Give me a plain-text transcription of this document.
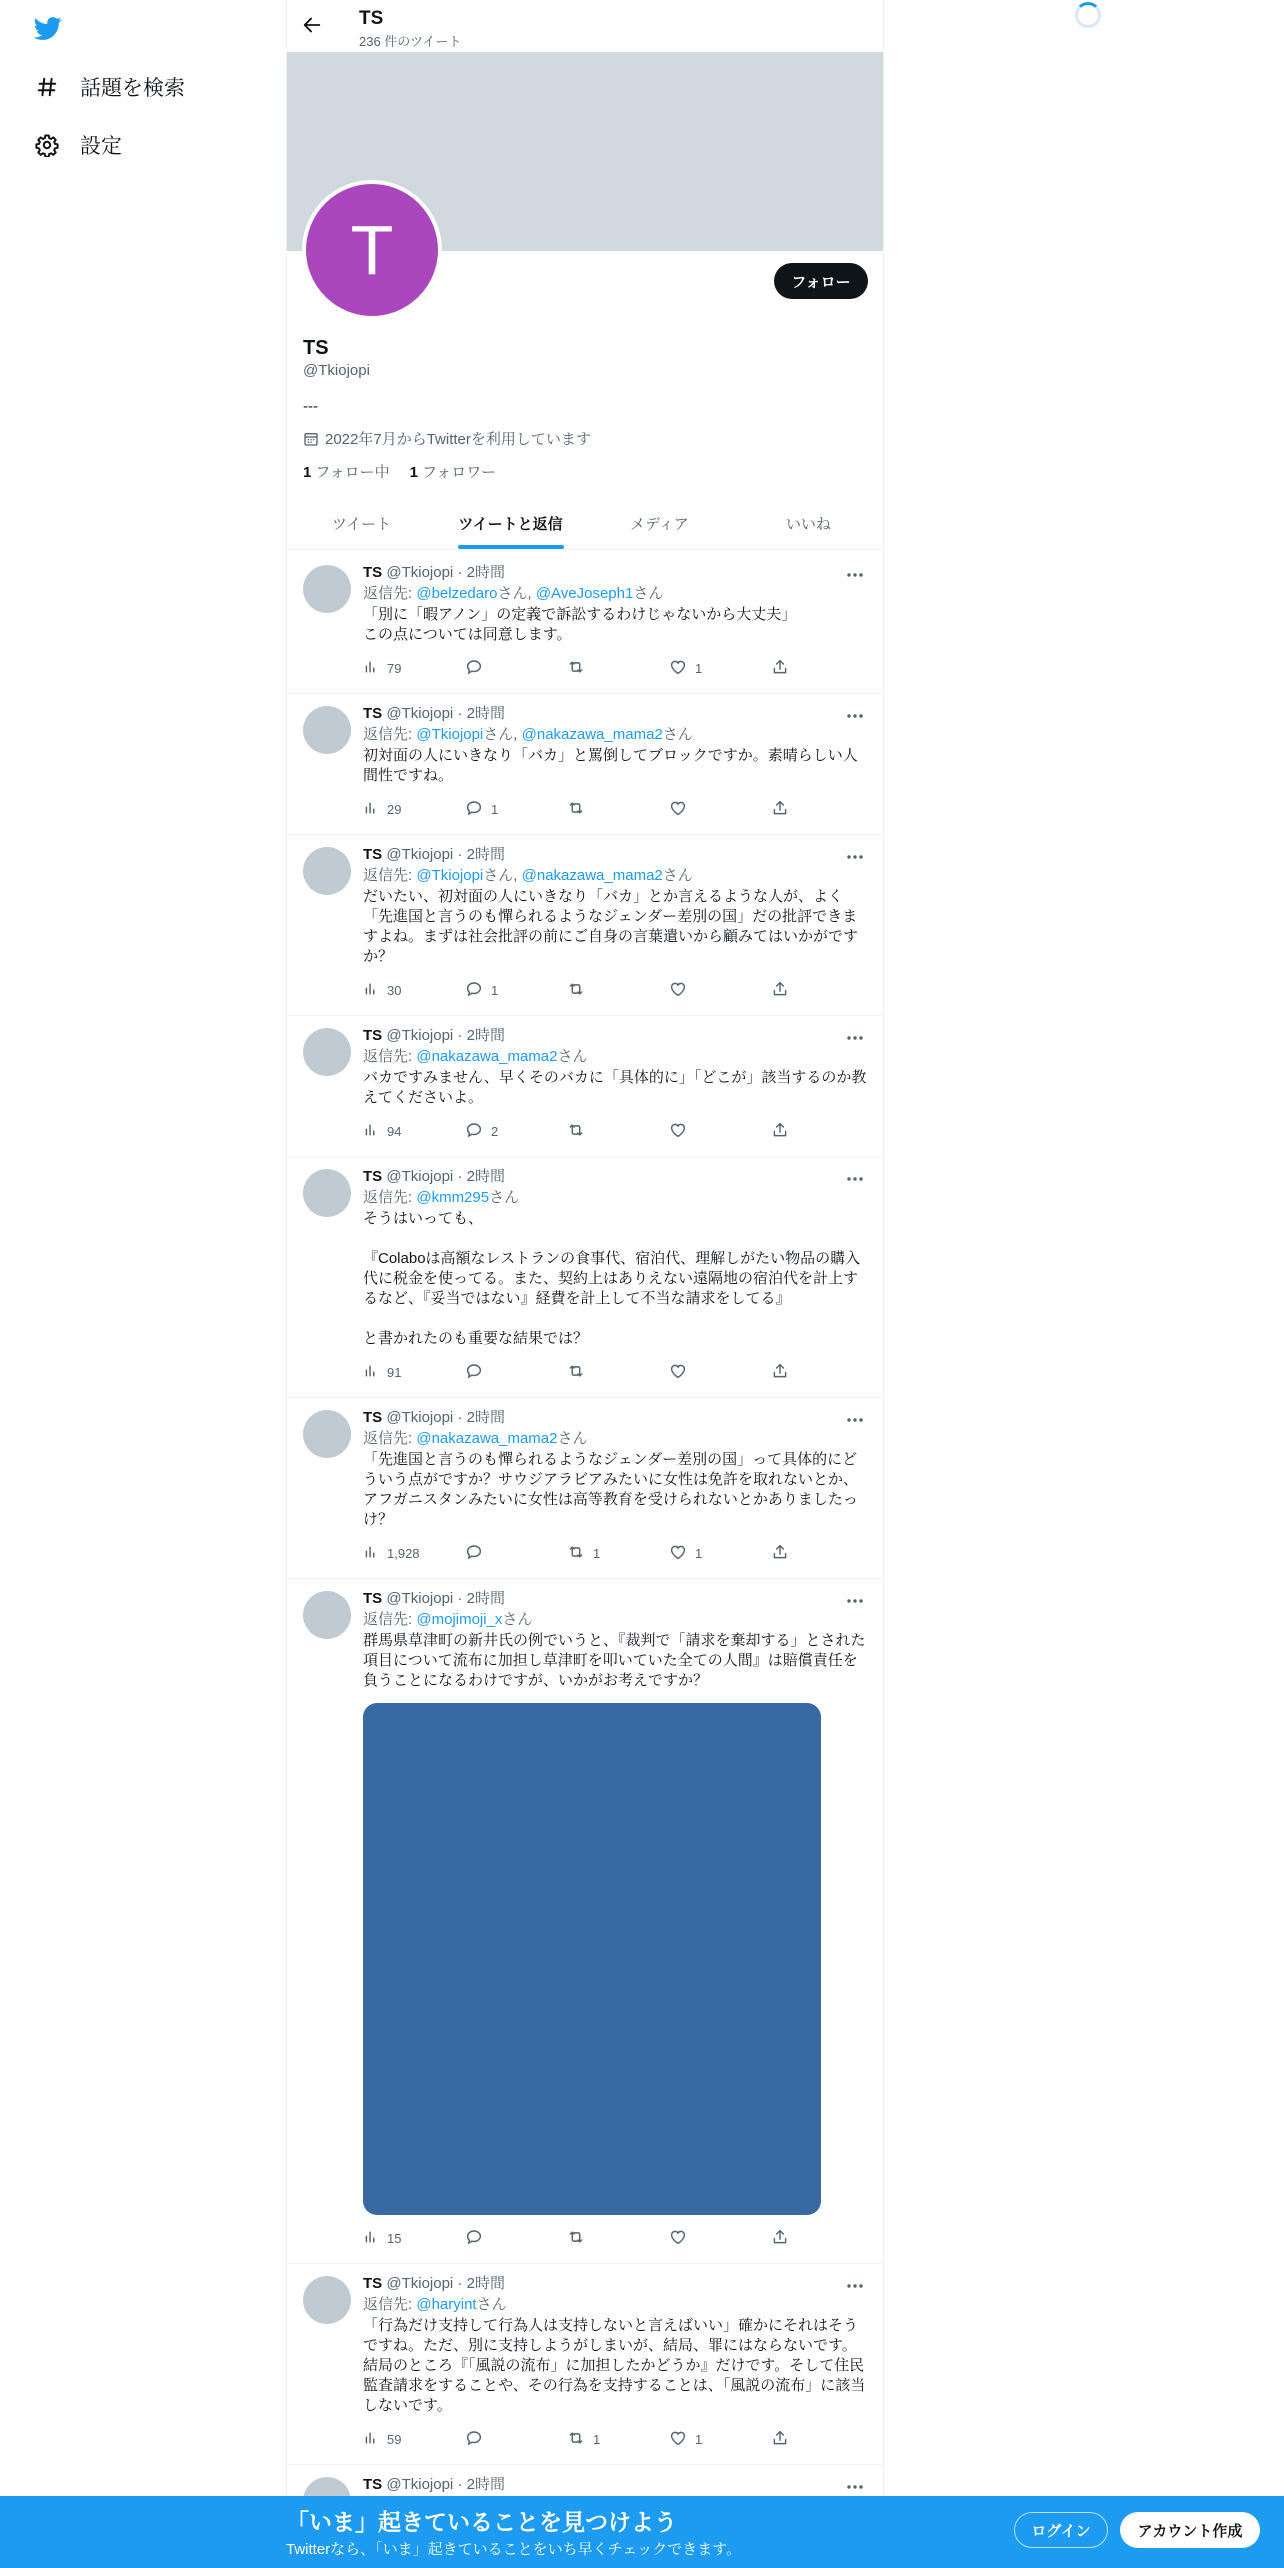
話題を検索
設定
TS
236 件のツイート
T	フォロー
TS
@Tkiojopi
---
2022年7月からTwitterを利用しています
1 フォロー中 1 フォロワー
ツイート	ツイートと返信	メディア	いいね
TS @Tkiojopi · 2時間
返信先: @belzedaroさん, @AveJoseph1さん
「別に「暇アノン」の定義で訴訟するわけじゃないから大丈夫」
この点については同意します。
79	1
TS @Tkiojopi · 2時間
返信先: @Tkiojopiさん, @nakazawa_mama2さん
初対面の人にいきなり「バカ」と罵倒してブロックですか。素晴らしい人間性ですね。
29	1
TS @Tkiojopi · 2時間
返信先: @Tkiojopiさん, @nakazawa_mama2さん
だいたい、初対面の人にいきなり「バカ」とか言えるような人が、よく「先進国と言うのも憚られるようなジェンダー差別の国」だの批評できますよね。まずは社会批評の前にご自身の言葉遣いから顧みてはいかがですか？
30	1
TS @Tkiojopi · 2時間
返信先: @nakazawa_mama2さん
バカですみません、早くそのバカに「具体的に」「どこが」該当するのか教えてくださいよ。
94	2
TS @Tkiojopi · 2時間
返信先: @kmm295さん
そうはいっても、

『Colaboは高額なレストランの食事代、宿泊代、理解しがたい物品の購入代に税金を使ってる。また、契約上はありえない遠隔地の宿泊代を計上するなど、『妥当ではない』経費を計上して不当な請求をしてる』

と書かれたのも重要な結果では？
91
TS @Tkiojopi · 2時間
返信先: @nakazawa_mama2さん
「先進国と言うのも憚られるようなジェンダー差別の国」って具体的にどういう点がですか？サウジアラビアみたいに女性は免許を取れないとか、アフガニスタンみたいに女性は高等教育を受けられないとかありましたっけ？
1,928	1	1
TS @Tkiojopi · 2時間
返信先: @mojimoji_xさん
群馬県草津町の新井氏の例でいうと、『裁判で「請求を棄却する」とされた項目について流布に加担し草津町を叩いていた全ての人間』は賠償責任を負うことになるわけですが、いかがお考えですか？
15
TS @Tkiojopi · 2時間
返信先: @haryintさん
「行為だけ支持して行為人は支持しないと言えばいい」確かにそれはそうですね。ただ、別に支持しようがしまいが、結局、罪にはならないです。結局のところ『「風説の流布」に加担したかどうか』だけです。そして住民監査請求をすることや、その行為を支持することは、「風説の流布」に該当しないです。
59	1	1
TS @Tkiojopi · 2時間
「いま」起きていることを見つけよう
Twitterなら、「いま」起きていることをいち早くチェックできます。
ログイン	アカウント作成
